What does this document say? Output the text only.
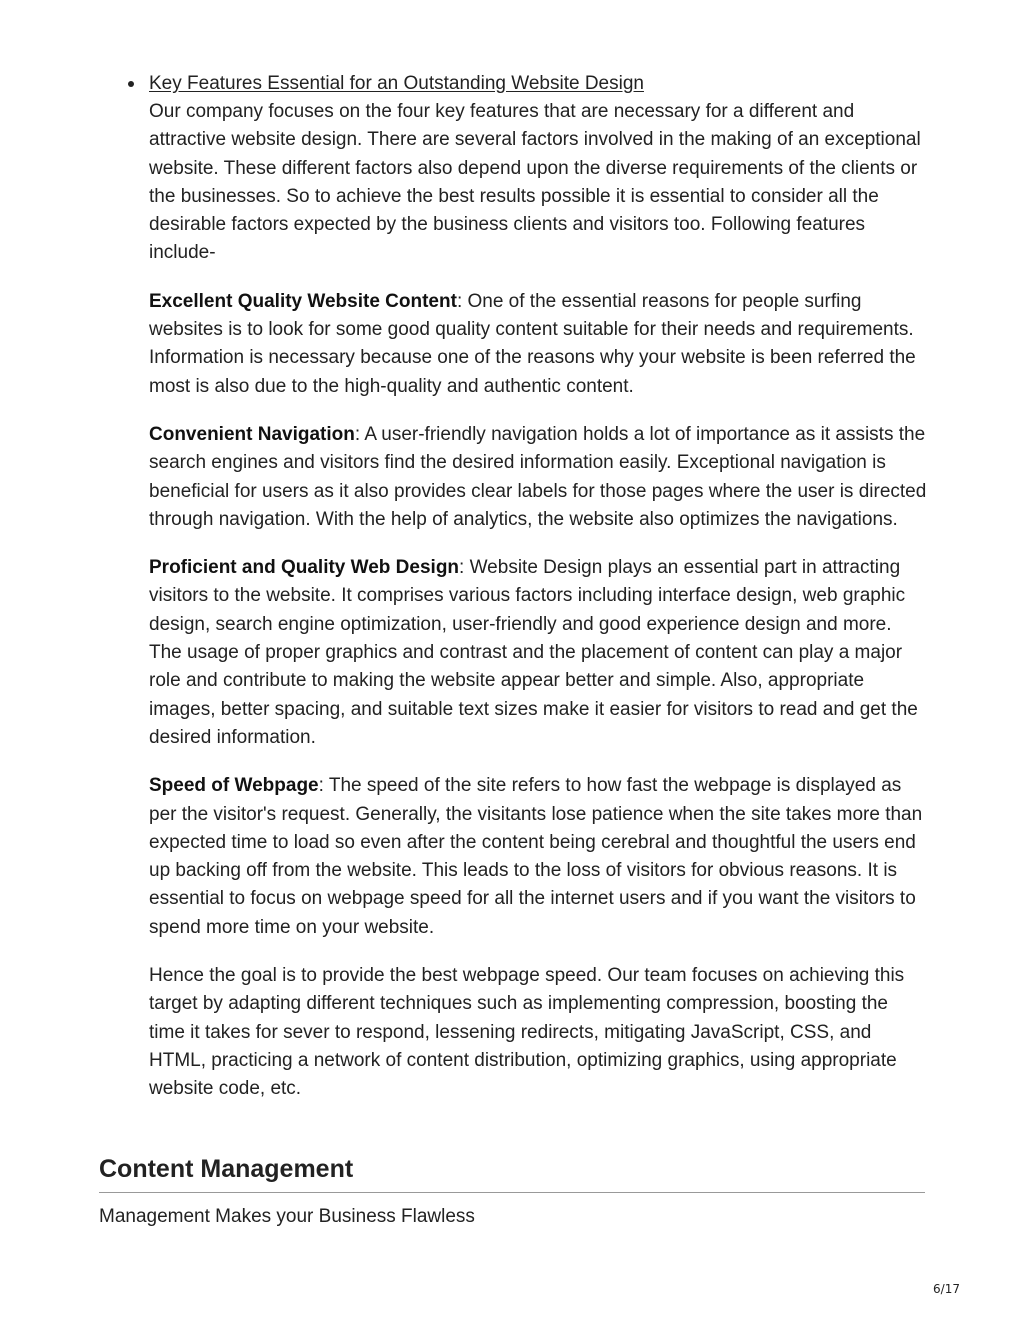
Key Features Essential for an Outstanding Website Design

Our company focuses on the four key features that are necessary for a different and attractive website design. There are several factors involved in the making of an exceptional website. These different factors also depend upon the diverse requirements of the clients or the businesses. So to achieve the best results possible it is essential to consider all the desirable factors expected by the business clients and visitors too. Following features include-

Excellent Quality Website Content: One of the essential reasons for people surfing websites is to look for some good quality content suitable for their needs and requirements. Information is necessary because one of the reasons why your website is been referred the most is also due to the high-quality and authentic content.

Convenient Navigation: A user-friendly navigation holds a lot of importance as it assists the search engines and visitors find the desired information easily. Exceptional navigation is beneficial for users as it also provides clear labels for those pages where the user is directed through navigation. With the help of analytics, the website also optimizes the navigations.

Proficient and Quality Web Design: Website Design plays an essential part in attracting visitors to the website. It comprises various factors including interface design, web graphic design, search engine optimization, user-friendly and good experience design and more. The usage of proper graphics and contrast and the placement of content can play a major role and contribute to making the website appear better and simple. Also, appropriate images, better spacing, and suitable text sizes make it easier for visitors to read and get the desired information.

Speed of Webpage: The speed of the site refers to how fast the webpage is displayed as per the visitor's request. Generally, the visitants lose patience when the site takes more than expected time to load so even after the content being cerebral and thoughtful the users end up backing off from the website. This leads to the loss of visitors for obvious reasons. It is essential to focus on webpage speed for all the internet users and if you want the visitors to spend more time on your website.

Hence the goal is to provide the best webpage speed. Our team focuses on achieving this target by adapting different techniques such as implementing compression, boosting the time it takes for sever to respond, lessening redirects, mitigating JavaScript, CSS, and HTML, practicing a network of content distribution, optimizing graphics, using appropriate website code, etc.

Content Management

Management Makes your Business Flawless

6/17
